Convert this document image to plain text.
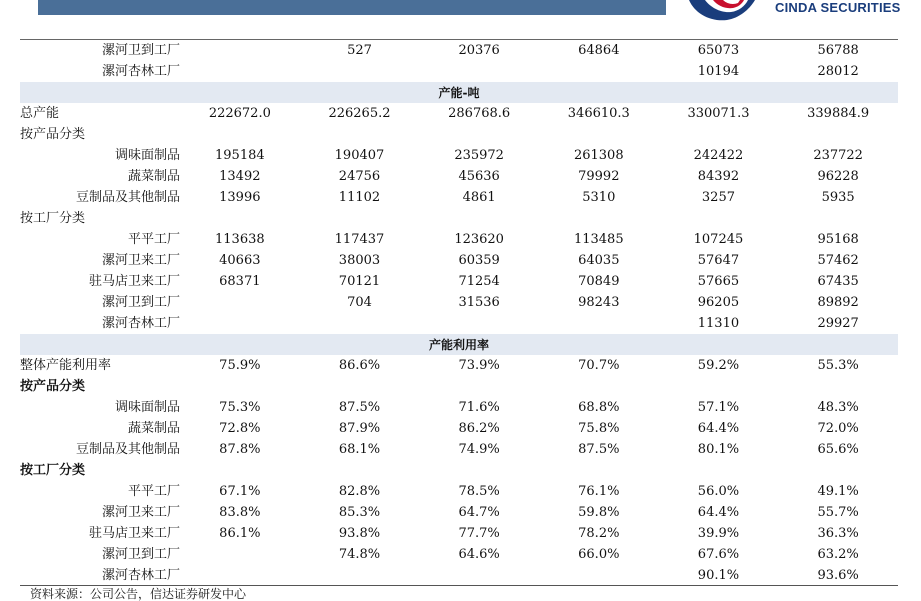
CINDA SECURITIES
漯河卫到工厂		527	20376	64864	65073	56788
漯河杏林工厂					10194	28012
产能-吨						
总产能	222672.0	226265.2	286768.6	346610.3	330071.3	339884.9
按产品分类						
调味面制品	195184	190407	235972	261308	242422	237722
蔬菜制品	13492	24756	45636	79992	84392	96228
豆制品及其他制品	13996	11102	4861	5310	3257	5935
按工厂分类						
平平工厂	113638	117437	123620	113485	107245	95168
漯河卫来工厂	40663	38003	60359	64035	57647	57462
驻马店卫来工厂	68371	70121	71254	70849	57665	67435
漯河卫到工厂		704	31536	98243	96205	89892
漯河杏林工厂					11310	29927
产能利用率						
整体产能利用率	75.9%	86.6%	73.9%	70.7%	59.2%	55.3%
按产品分类						
调味面制品	75.3%	87.5%	71.6%	68.8%	57.1%	48.3%
蔬菜制品	72.8%	87.9%	86.2%	75.8%	64.4%	72.0%
豆制品及其他制品	87.8%	68.1%	74.9%	87.5%	80.1%	65.6%
按工厂分类						
平平工厂	67.1%	82.8%	78.5%	76.1%	56.0%	49.1%
漯河卫来工厂	83.8%	85.3%	64.7%	59.8%	64.4%	55.7%
驻马店卫来工厂	86.1%	93.8%	77.7%	78.2%	39.9%	36.3%
漯河卫到工厂		74.8%	64.6%	66.0%	67.6%	63.2%
漯河杏林工厂					90.1%	93.6%
资料来源：公司公告，信达证券研发中心
